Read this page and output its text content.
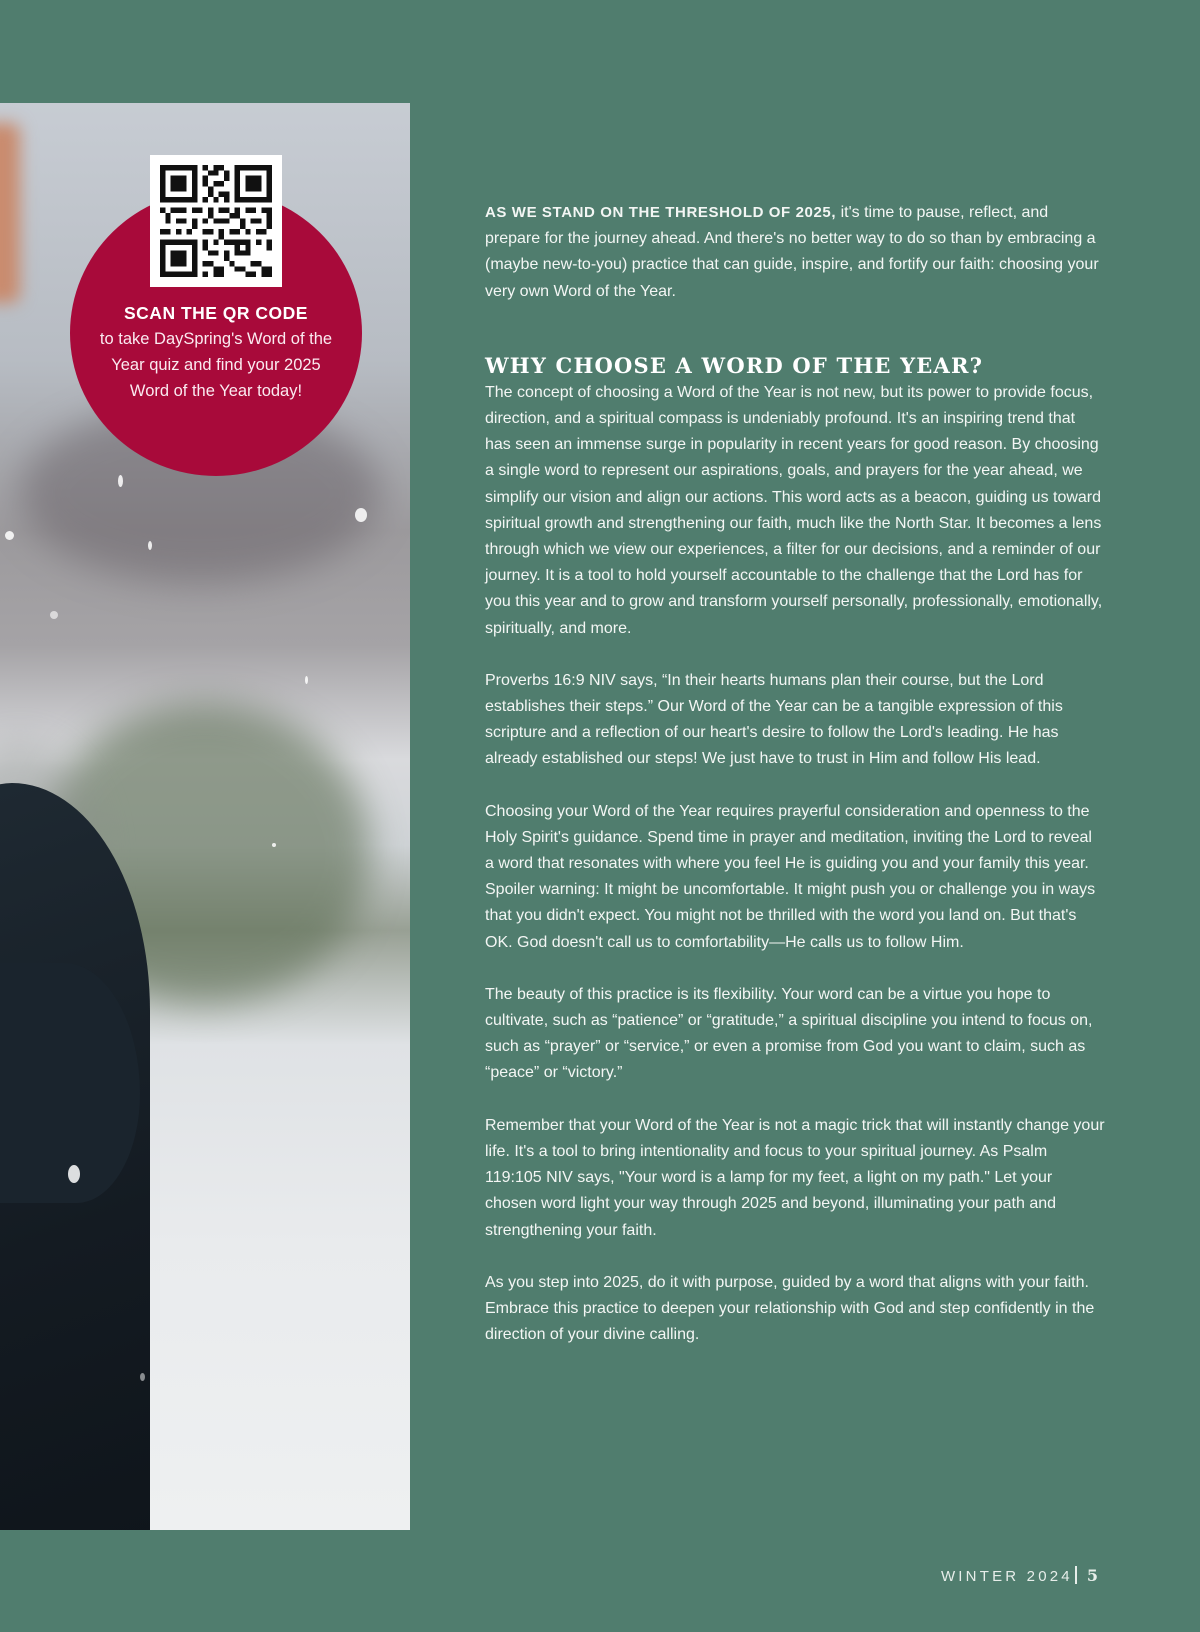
SCAN THE QR CODE
to take DaySpring's Word of the Year quiz and find your 2025 Word of the Year today!

AS WE STAND ON THE THRESHOLD OF 2025, it's time to pause, reflect, and prepare for the journey ahead. And there's no better way to do so than by embracing a (maybe new-to-you) practice that can guide, inspire, and fortify our faith: choosing your very own Word of the Year.

WHY CHOOSE A WORD OF THE YEAR?

The concept of choosing a Word of the Year is not new, but its power to provide focus, direction, and a spiritual compass is undeniably profound. It's an inspiring trend that has seen an immense surge in popularity in recent years for good reason. By choosing a single word to represent our aspirations, goals, and prayers for the year ahead, we simplify our vision and align our actions. This word acts as a beacon, guiding us toward spiritual growth and strengthening our faith, much like the North Star. It becomes a lens through which we view our experiences, a filter for our decisions, and a reminder of our journey. It is a tool to hold yourself accountable to the challenge that the Lord has for you this year and to grow and transform yourself personally, professionally, emotionally, spiritually, and more.

Proverbs 16:9 NIV says, “In their hearts humans plan their course, but the Lord establishes their steps.” Our Word of the Year can be a tangible expression of this scripture and a reflection of our heart's desire to follow the Lord's leading. He has already established our steps! We just have to trust in Him and follow His lead.

Choosing your Word of the Year requires prayerful consideration and openness to the Holy Spirit's guidance. Spend time in prayer and meditation, inviting the Lord to reveal a word that resonates with where you feel He is guiding you and your family this year. Spoiler warning: It might be uncomfortable. It might push you or challenge you in ways that you didn't expect. You might not be thrilled with the word you land on. But that's OK. God doesn't call us to comfortability—He calls us to follow Him.

The beauty of this practice is its flexibility. Your word can be a virtue you hope to cultivate, such as “patience” or “gratitude,” a spiritual discipline you intend to focus on, such as “prayer” or “service,” or even a promise from God you want to claim, such as “peace” or “victory.”

Remember that your Word of the Year is not a magic trick that will instantly change your life. It's a tool to bring intentionality and focus to your spiritual journey. As Psalm 119:105 NIV says, "Your word is a lamp for my feet, a light on my path." Let your chosen word light your way through 2025 and beyond, illuminating your path and strengthening your faith.

As you step into 2025, do it with purpose, guided by a word that aligns with your faith. Embrace this practice to deepen your relationship with God and step confidently in the direction of your divine calling.

WINTER 2024 5
